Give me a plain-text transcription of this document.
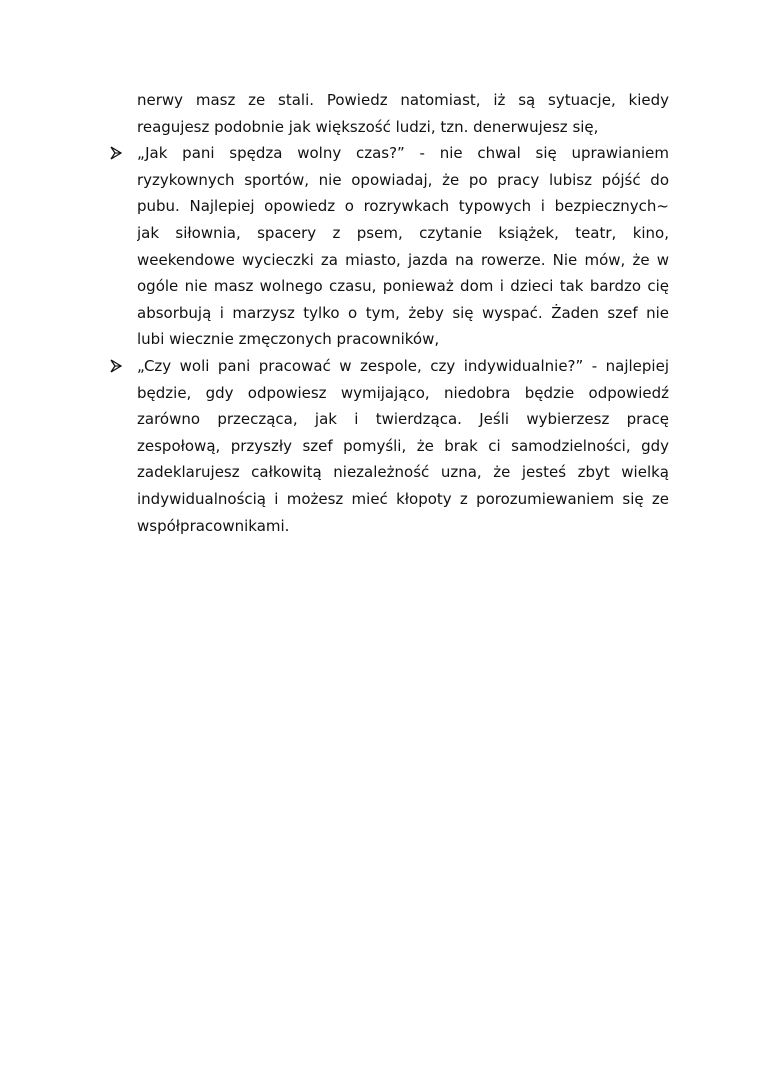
nerwy masz ze stali. Powiedz natomiast, iż są sytuacje, kiedy
reagujesz podobnie jak większość ludzi, tzn. denerwujesz się,
„Jak pani spędza wolny czas?” - nie chwal się uprawianiem
ryzykownych sportów, nie opowiadaj, że po pracy lubisz pójść do
pubu. Najlepiej opowiedz o rozrywkach typowych i bezpiecznych~
jak siłownia, spacery z psem, czytanie książek, teatr, kino,
weekendowe wycieczki za miasto, jazda na rowerze. Nie mów, że w
ogóle nie masz wolnego czasu, ponieważ dom i dzieci tak bardzo cię
absorbują i marzysz tylko o tym, żeby się wyspać. Żaden szef nie
lubi wiecznie zmęczonych pracowników,
„Czy woli pani pracować w zespole, czy indywidualnie?” - najlepiej
będzie, gdy odpowiesz wymijająco, niedobra będzie odpowiedź
zarówno przecząca, jak i twierdząca. Jeśli wybierzesz pracę
zespołową, przyszły szef pomyśli, że brak ci samodzielności, gdy
zadeklarujesz całkowitą niezależność uzna, że jesteś zbyt wielką
indywidualnością i możesz mieć kłopoty z porozumiewaniem się ze
współpracownikami.
